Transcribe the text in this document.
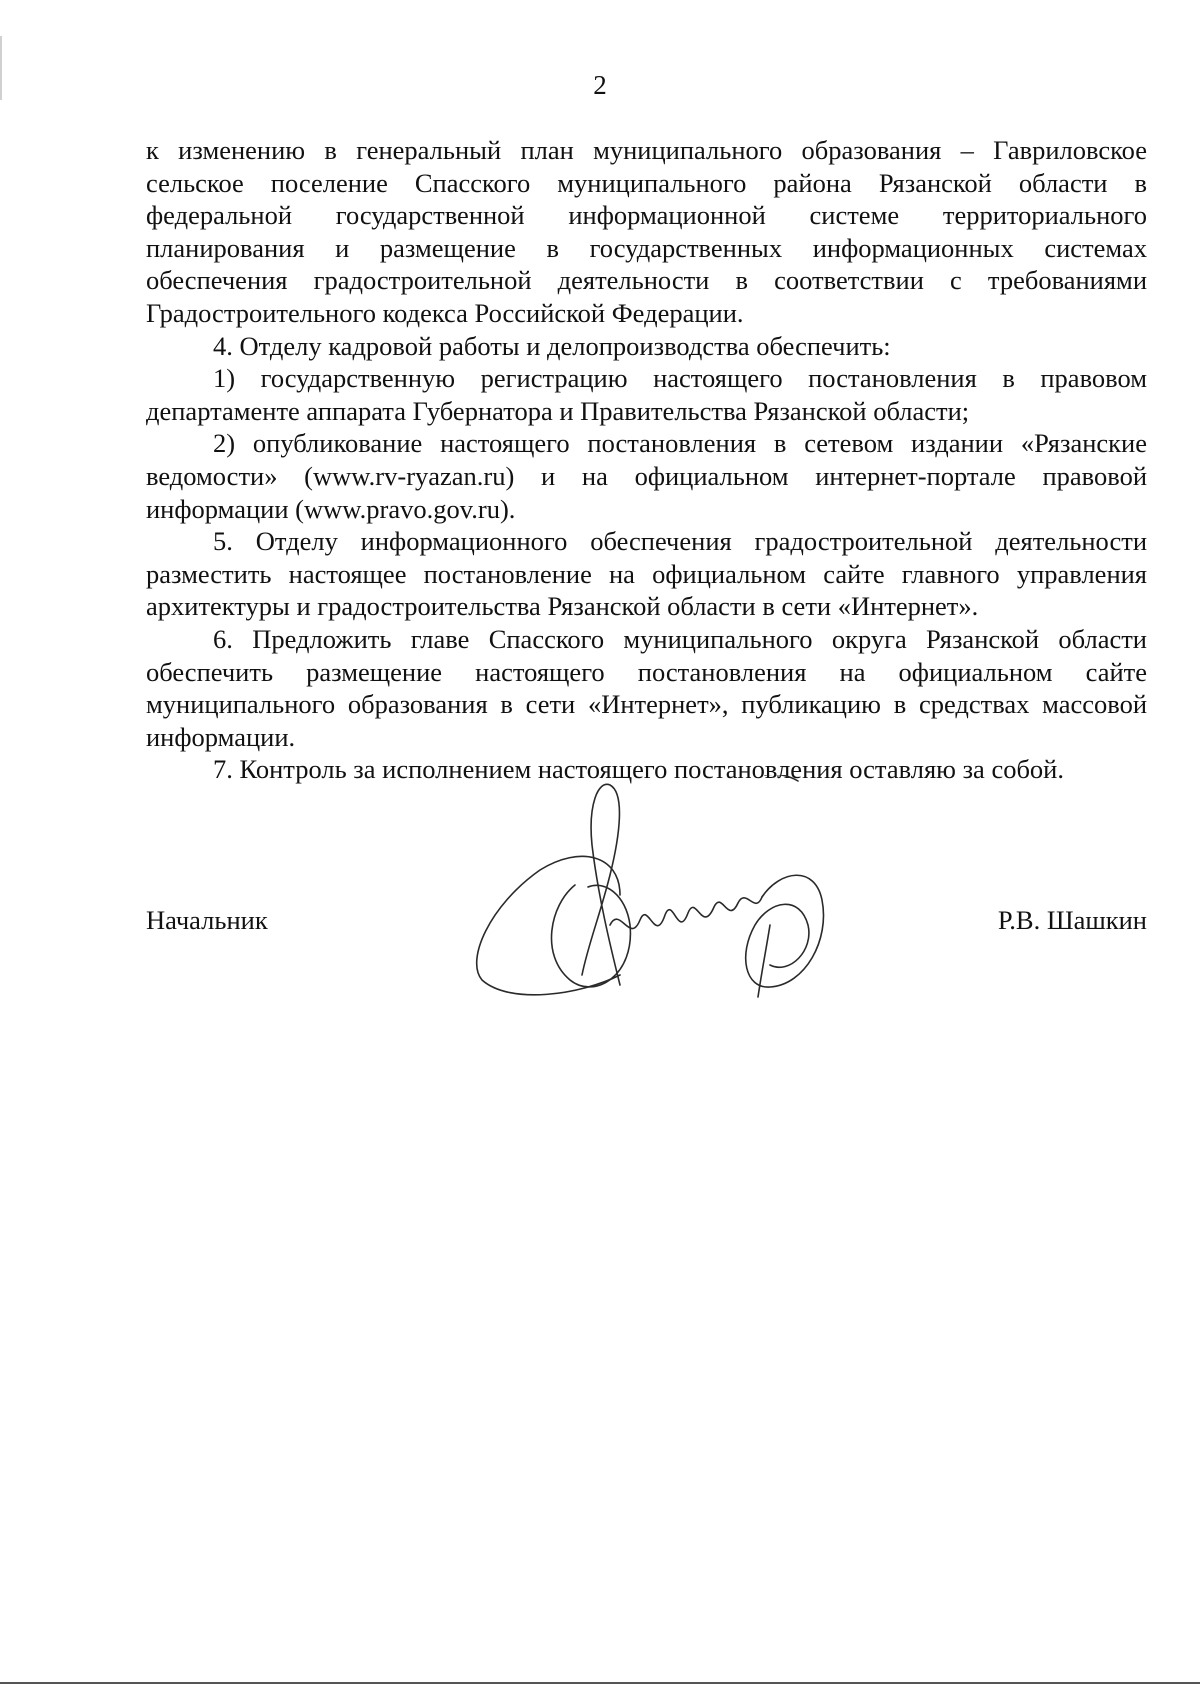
2

к изменению в генеральный план муниципального образования – Гавриловское сельское поселение Спасского муниципального района Рязанской области в федеральной государственной информационной системе территориального планирования и размещение в государственных информационных системах обеспечения градостроительной деятельности в соответствии с требованиями Градостроительного кодекса Российской Федерации.

4. Отделу кадровой работы и делопроизводства обеспечить:

1) государственную регистрацию настоящего постановления в правовом департаменте аппарата Губернатора и Правительства Рязанской области;

2) опубликование настоящего постановления в сетевом издании «Рязанские ведомости» (www.rv-ryazan.ru) и на официальном интернет-портале правовой информации (www.pravo.gov.ru).

5. Отделу информационного обеспечения градостроительной деятельности разместить настоящее постановление на официальном сайте главного управления архитектуры и градостроительства Рязанской области в сети «Интернет».

6. Предложить главе Спасского муниципального округа Рязанской области обеспечить размещение настоящего постановления на официальном сайте муниципального образования в сети «Интернет», публикацию в средствах массовой информации.

7. Контроль за исполнением настоящего постановления оставляю за собой.

Начальник	Р.В. Шашкин
